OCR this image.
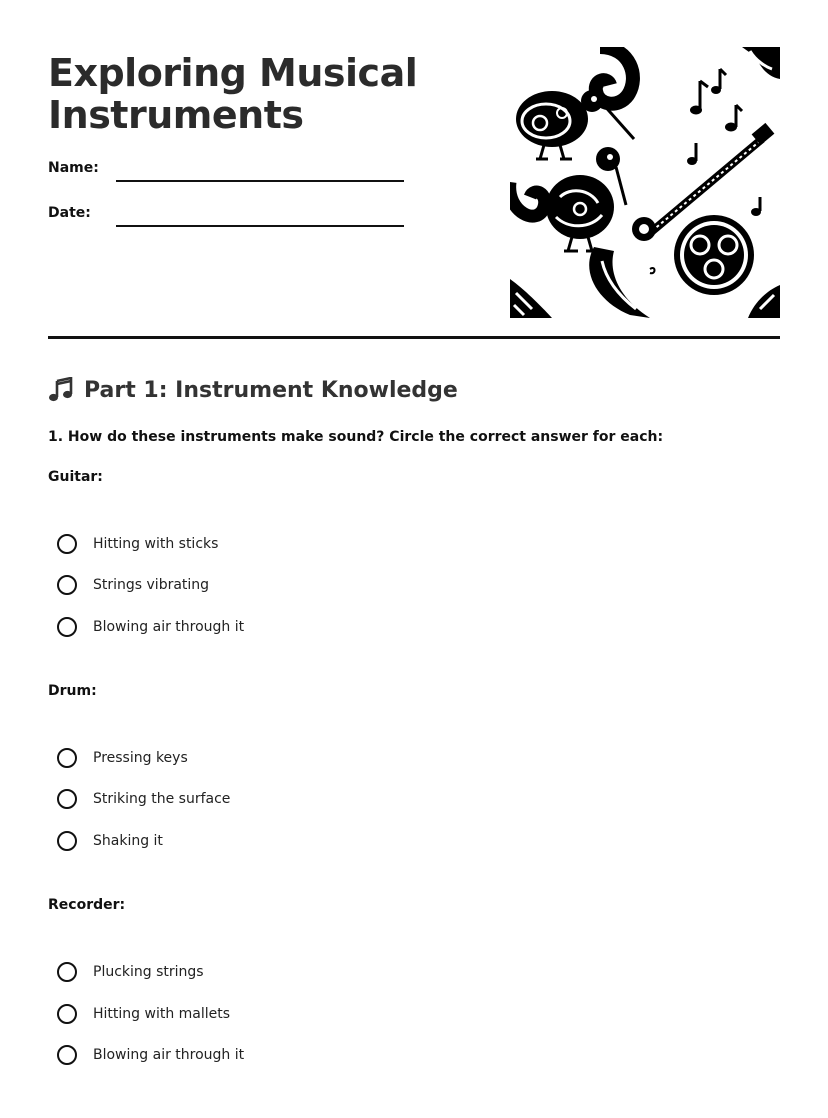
Exploring Musical
Instruments
Name:
Date:
Part 1: Instrument Knowledge
1. How do these instruments make sound? Circle the correct answer for each:
Guitar:
Hitting with sticks
Strings vibrating
Blowing air through it
Drum:
Pressing keys
Striking the surface
Shaking it
Recorder:
Plucking strings
Hitting with mallets
Blowing air through it
